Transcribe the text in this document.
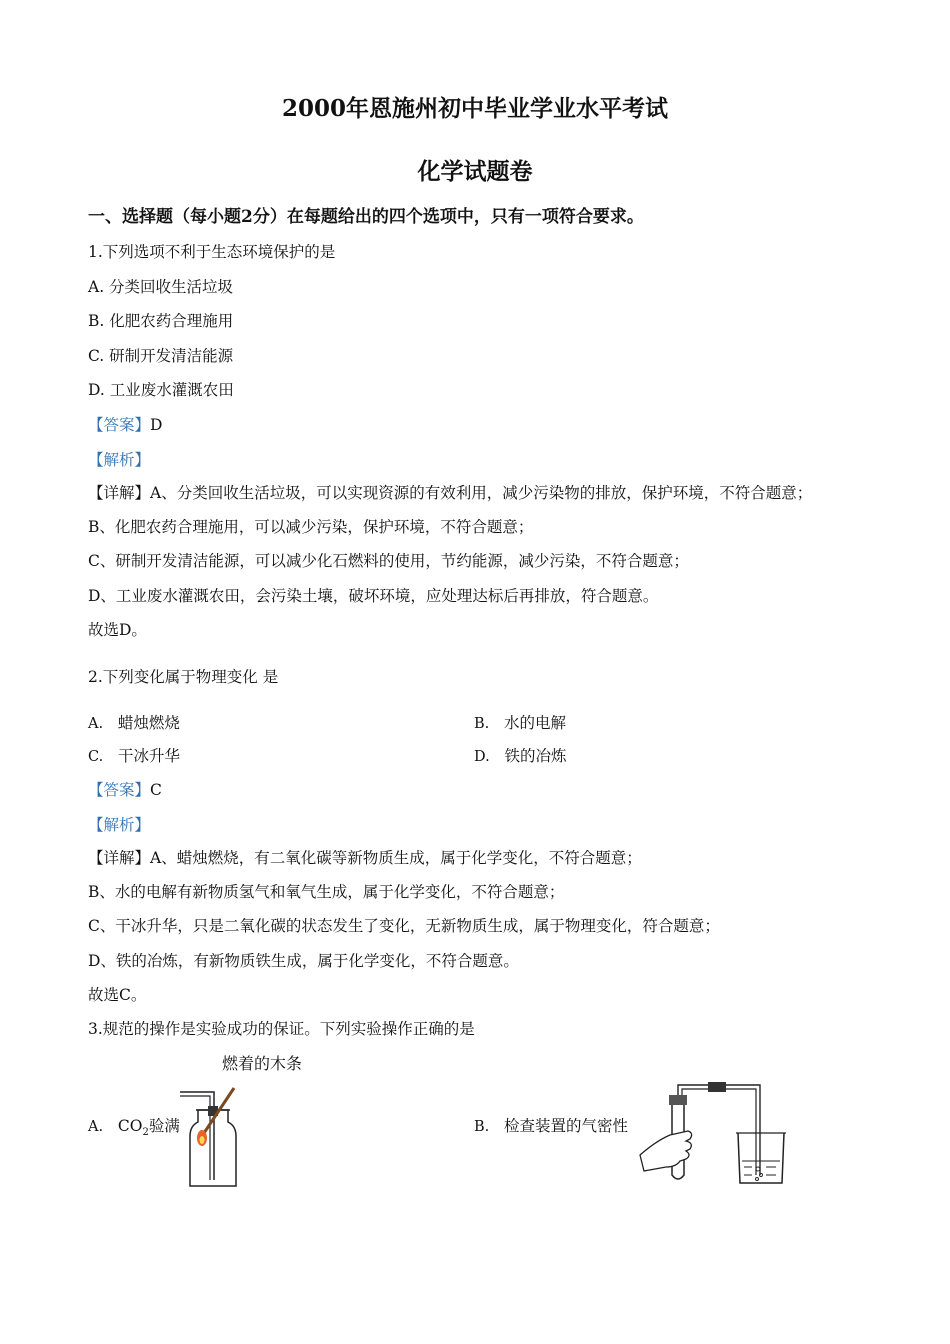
2000年恩施州初中毕业学业水平考试
化学试题卷
一、选择题（每小题2分）在每题给出的四个选项中，只有一项符合要求。
1.下列选项不利于生态环境保护的是
A. 分类回收生活垃圾
B. 化肥农药合理施用
C. 研制开发清洁能源
D. 工业废水灌溉农田
【答案】D
【解析】
【详解】A、分类回收生活垃圾，可以实现资源的有效利用，减少污染物的排放，保护环境，不符合题意；
B、化肥农药合理施用，可以减少污染，保护环境，不符合题意；
C、研制开发清洁能源，可以减少化石燃料的使用，节约能源，减少污染，不符合题意；
D、工业废水灌溉农田，会污染土壤，破坏环境，应处理达标后再排放，符合题意。
故选D。
2.下列变化属于物理变化 是
A. 蜡烛燃烧	B. 水的电解
C. 干冰升华	D. 铁的冶炼
【答案】C
【解析】
【详解】A、蜡烛燃烧，有二氧化碳等新物质生成，属于化学变化，不符合题意；
B、水的电解有新物质氢气和氧气生成，属于化学变化，不符合题意；
C、干冰升华，只是二氧化碳的状态发生了变化，无新物质生成，属于物理变化，符合题意；
D、铁的冶炼，有新物质铁生成，属于化学变化，不符合题意。
故选C。
3.规范的操作是实验成功的保证。下列实验操作正确的是
燃着的木条
A. $CO_2$验满	B. 检查装置的气密性
